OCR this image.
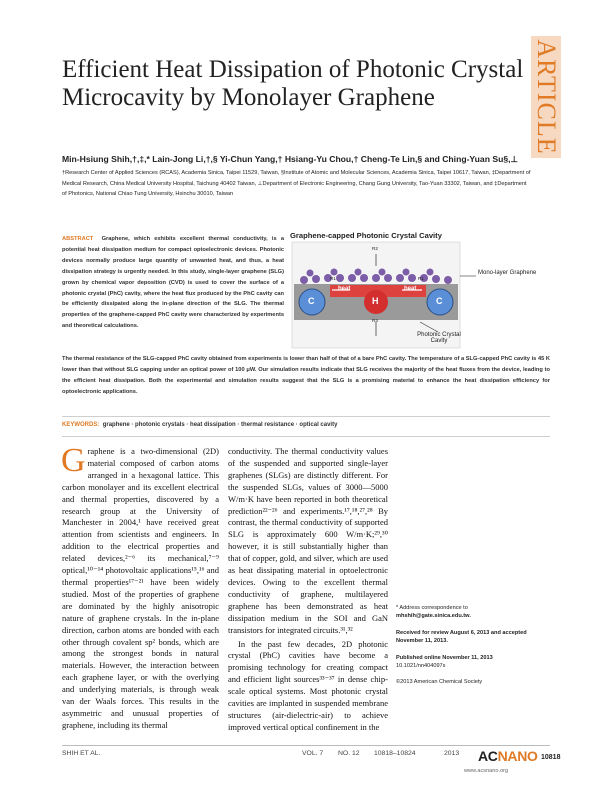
ARTICLE
Efficient Heat Dissipation of Photonic Crystal Microcavity by Monolayer Graphene
Min-Hsiung Shih,†,‡,* Lain-Jong Li,†,§ Yi-Chun Yang,† Hsiang-Yu Chou,† Cheng-Te Lin,§ and Ching-Yuan Su§,⊥
†Research Center of Applied Sciences (RCAS), Academia Sinica, Taipei 11529, Taiwan, §Institute of Atomic and Molecular Sciences, Academia Sinica, Taipei 10617, Taiwan, ‡Department of Medical Research, China Medical University Hospital, Taichung 40402 Taiwan, ⊥Department of Electronic Engineering, Chang Gung University, Tao-Yuan 33302, Taiwan, and ‡Department of Photonics, National Chiao Tung University, Hsinchu 30010, Taiwan
ABSTRACT Graphene, which exhibits excellent thermal conductivity, is a potential heat dissipation medium for compact optoelectronic devices. Photonic devices normally produce large quantity of unwanted heat, and thus, a heat dissipation strategy is urgently needed. In this study, single-layer graphene (SLG) grown by chemical vapor deposition (CVD) is used to cover the surface of a photonic crystal (PhC) cavity, where the heat flux produced by the PhC cavity can be efficiently dissipated along the in-plane direction of the SLG. The thermal properties of the graphene-capped PhC cavity were characterized by experiments and theoretical calculations.
The thermal resistance of the SLG-capped PhC cavity obtained from experiments is lower than half of that of a bare PhC cavity. The temperature of a SLG-capped PhC cavity is 45 K lower than that without SLG capping under an optical power of 100 μW. Our simulation results indicate that SLG receives the majority of the heat fluxes from the device, leading to the efficient heat dissipation. Both the experimental and simulation results suggest that the SLG is a promising material to enhance the heat dissipation efficiency for optoelectronic applications.
Graphene-capped Photonic Crystal Cavity
Mono-layer Graphene
Photonic Crystal Cavity
heat	heat
H
C	C
R2
R1	R1
R3
KEYWORDS: graphene · photonic crystals · heat dissipation · thermal resistance · optical cavity
Graphene is a two-dimensional (2D) material composed of carbon atoms arranged in a hexagonal lattice. This carbon monolayer and its excellent electrical and thermal properties, discovered by a research group at the University of Manchester in 2004,¹ have received great attention from scientists and engineers. In addition to the electrical properties and related devices,²⁻⁶ its mechanical,⁷⁻⁹ optical,¹⁰⁻¹⁴ photovoltaic applications¹⁵,¹⁶ and thermal properties¹⁷⁻²¹ have been widely studied. Most of the properties of graphene are dominated by the highly anisotropic nature of graphene crystals. In the in-plane direction, carbon atoms are bonded with each other through covalent sp² bonds, which are among the strongest bonds in natural materials. However, the interaction between each graphene layer, or with the overlying and underlying materials, is through weak van der Waals forces. This results in the asymmetric and unusual properties of graphene, including its thermal
conductivity. The thermal conductivity values of the suspended and supported single-layer graphenes (SLGs) are distinctly different. For the suspended SLGs, values of 3000—5000 W/m·K have been reported in both theoretical prediction²²⁻²⁶ and experiments.¹⁷,¹⁸,²⁷,²⁸ By contrast, the thermal conductivity of supported SLG is approximately 600 W/m·K;²⁹,³⁰ however, it is still substantially higher than that of copper, gold, and silver, which are used as heat dissipating material in optoelectronic devices. Owing to the excellent thermal conductivity of graphene, multilayered graphene has been demonstrated as heat dissipation medium in the SOI and GaN transistors for integrated circuits.³¹,³²
In the past few decades, 2D photonic crystal (PhC) cavities have become a promising technology for creating compact and efficient light sources³³⁻³⁷ in dense chip-scale optical systems. Most photonic crystal cavities are implanted in suspended membrane structures (air-dielectric-air) to achieve improved vertical optical confinement in the
* Address correspondence to
mhshih@gate.sinica.edu.tw.
Received for review August 6, 2013 and accepted November 11, 2013.
Published online November 11, 2013
10.1021/nn404097s
©2013 American Chemical Society
SHIH ET AL.	VOL. 7 NO. 12 10818–10824	2013 ACNANO 10818
www.acsnano.org
